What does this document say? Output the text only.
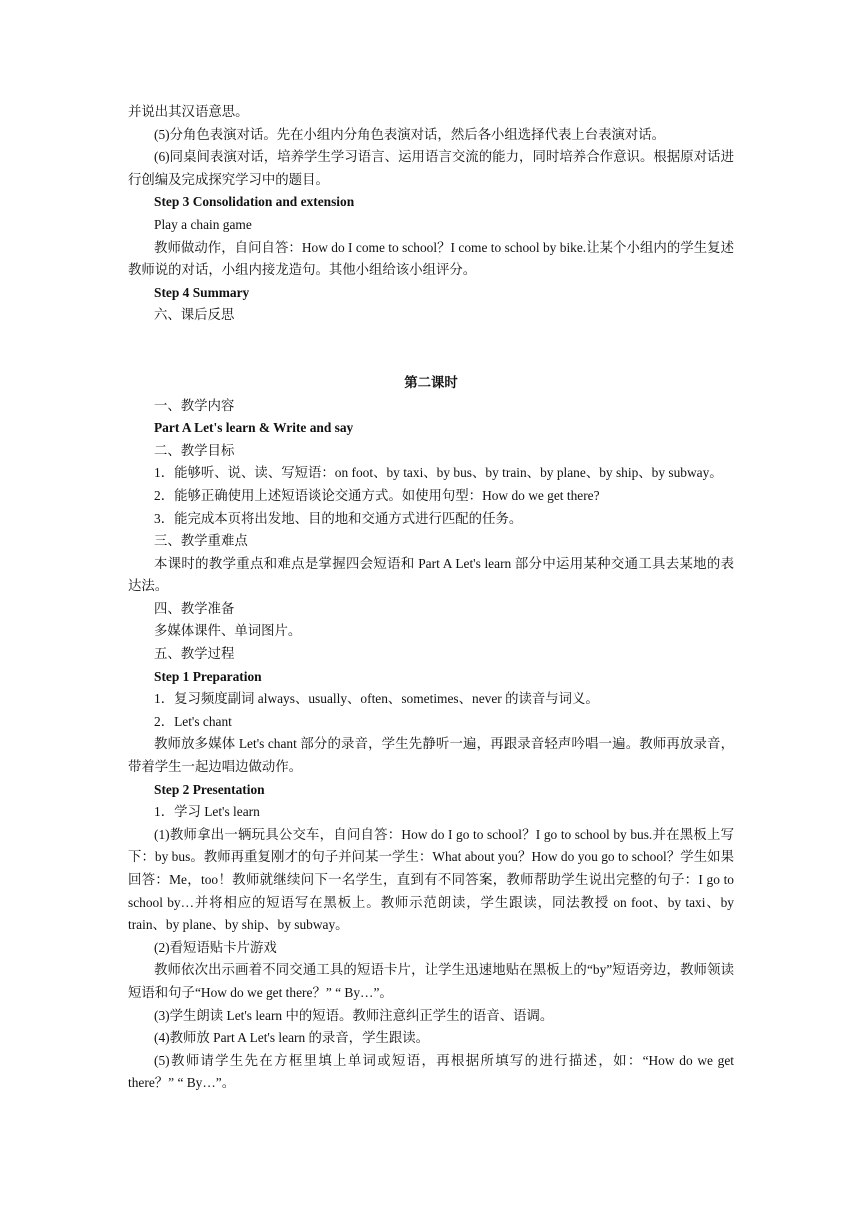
并说出其汉语意思。

(5)分角色表演对话。先在小组内分角色表演对话，然后各小组选择代表上台表演对话。

(6)同桌间表演对话，培养学生学习语言、运用语言交流的能力，同时培养合作意识。根据原对话进行创编及完成探究学习中的题目。

Step 3 Consolidation and extension

Play a chain game

教师做动作，自问自答：How do I come to school？I come to school by bike.让某个小组内的学生复述教师说的对话，小组内接龙造句。其他小组给该小组评分。

Step 4 Summary

六、课后反思

第二课时

一、教学内容

Part A Let's learn & Write and say

二、教学目标

1．能够听、说、读、写短语：on foot、by taxi、by bus、by train、by plane、by ship、by subway。

2．能够正确使用上述短语谈论交通方式。如使用句型：How do we get there?

3．能完成本页将出发地、目的地和交通方式进行匹配的任务。

三、教学重难点

本课时的教学重点和难点是掌握四会短语和 Part A Let's learn 部分中运用某种交通工具去某地的表达法。

四、教学准备

多媒体课件、单词图片。

五、教学过程

Step 1 Preparation

1．复习频度副词 always、usually、often、sometimes、never 的读音与词义。

2．Let's chant

教师放多媒体 Let's chant 部分的录音，学生先静听一遍，再跟录音轻声吟唱一遍。教师再放录音，带着学生一起边唱边做动作。

Step 2 Presentation

1．学习 Let's learn

(1)教师拿出一辆玩具公交车，自问自答：How do I go to school？I go to school by bus.并在黑板上写下：by bus。教师再重复刚才的句子并问某一学生：What about you？How do you go to school？学生如果回答：Me，too！教师就继续问下一名学生，直到有不同答案，教师帮助学生说出完整的句子：I go to school by…并将相应的短语写在黑板上。教师示范朗读，学生跟读，同法教授 on foot、by taxi、by train、by plane、by ship、by subway。

(2)看短语贴卡片游戏

教师依次出示画着不同交通工具的短语卡片，让学生迅速地贴在黑板上的“by”短语旁边，教师领读短语和句子“How do we get there？” “ By…”。

(3)学生朗读 Let's learn 中的短语。教师注意纠正学生的语音、语调。

(4)教师放 Part A Let's learn 的录音，学生跟读。

(5)教师请学生先在方框里填上单词或短语，再根据所填写的进行描述，如：“How do we get there？” “ By…”。
